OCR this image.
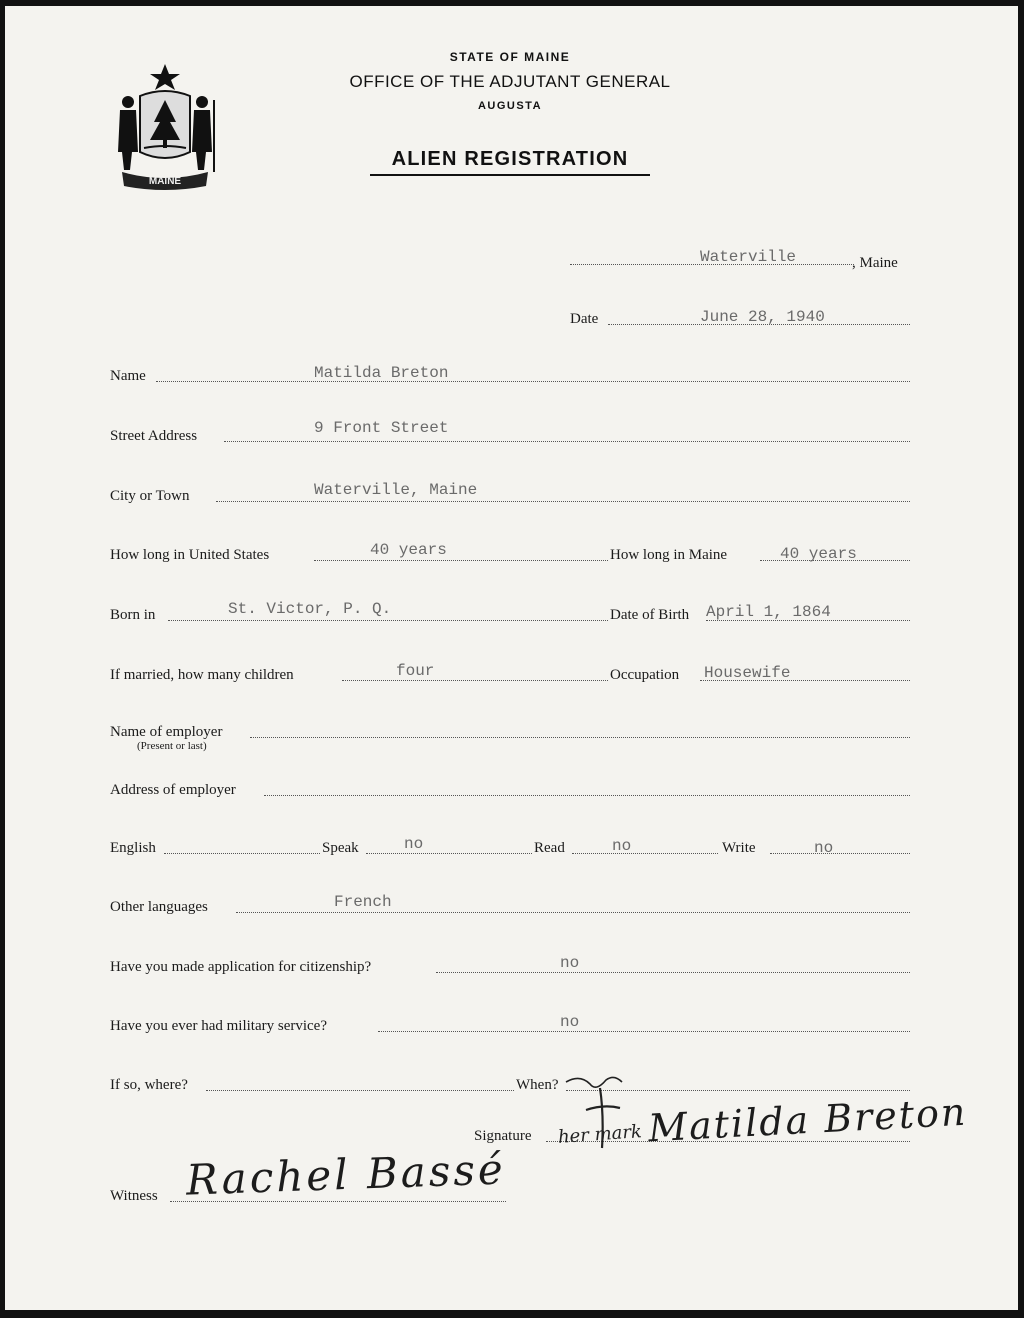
MAINE
STATE OF MAINE
OFFICE OF THE ADJUTANT GENERAL
AUGUSTA
ALIEN REGISTRATION
Waterville	, Maine
Date	June 28, 1940
Name	Matilda Breton
Street Address	9 Front Street
City or Town	Waterville, Maine
How long in United States	40 years	How long in Maine	40 years
Born in	St. Victor, P. Q.	Date of Birth April 1, 1864
If married, how many children	four	Occupation Housewife
Name of employer
(Present or last)
Address of employer
English	Speak	no	Read	no	Write	no
Other languages	French
Have you made application for citizenship?	no
Have you ever had military service?	no
If so, where?	When?
Signature her mark Matilda Breton
Witness Rachel Bassé
